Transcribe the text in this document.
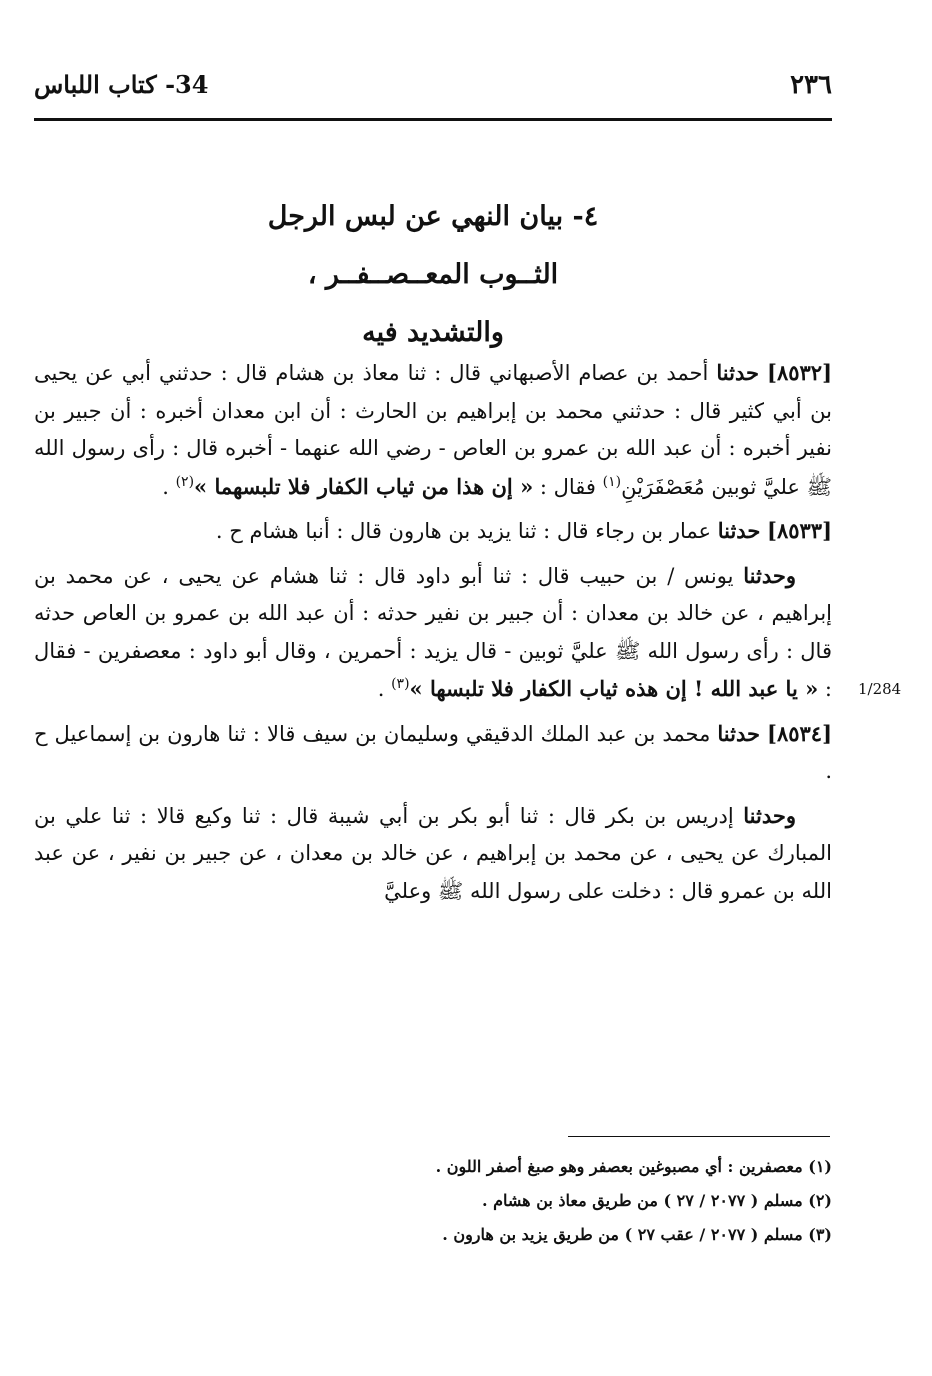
٢٣٦
34- كتاب اللباس
٤- بيان النهي عن لبس الرجل
الثــوب المعــصــفــر ،
والتشديد فيه

[٨٥٣٢] حدثنا أحمد بن عصام الأصبهاني قال : ثنا معاذ بن هشام قال : حدثني أبي عن يحيى بن أبي كثير قال : حدثني محمد بن إبراهيم بن الحارث : أن ابن معدان أخبره : أن جبير بن نفير أخبره : أن عبد الله بن عمرو بن العاص - رضي الله عنهما - أخبره قال : رأى رسول الله ﷺ عليَّ ثوبين مُعَصْفَرَيْنِ$^{(١)}$ فقال : « إن هذا من ثياب الكفار فلا تلبسهما »$^{(٢)}$ .

[٨٥٣٣] حدثنا عمار بن رجاء قال : ثنا يزيد بن هارون قال : أنبا هشام ح .

وحدثنا يونس / بن حبيب قال : ثنا أبو داود قال : ثنا هشام عن يحيى ، عن محمد بن إبراهيم ، عن خالد بن معدان : أن جبير بن نفير حدثه : أن عبد الله بن عمرو بن العاص حدثه قال : رأى رسول الله ﷺ عليَّ ثوبين - قال يزيد : أحمرين ، وقال أبو داود : معصفرين - فقال : « يا عبد الله ! إن هذه ثياب الكفار فلا تلبسها »$^{(٣)}$ .

[٨٥٣٤] حدثنا محمد بن عبد الملك الدقيقي وسليمان بن سيف قالا : ثنا هارون بن إسماعيل ح .

وحدثنا إدريس بن بكر قال : ثنا أبو بكر بن أبي شيبة قال : ثنا وكيع قالا : ثنا علي بن المبارك عن يحيى ، عن محمد بن إبراهيم ، عن خالد بن معدان ، عن جبير بن نفير ، عن عبد الله بن عمرو قال : دخلت على رسول الله ﷺ وعليَّ

1/284
(١) معصفرين : أي مصبوغين بعصفر وهو صبغ أصفر اللون .
(٢) مسلم ( ٢٠٧٧ / ٢٧ ) من طريق معاذ بن هشام .
(٣) مسلم ( ٢٠٧٧ / عقب ٢٧ ) من طريق يزيد بن هارون .
